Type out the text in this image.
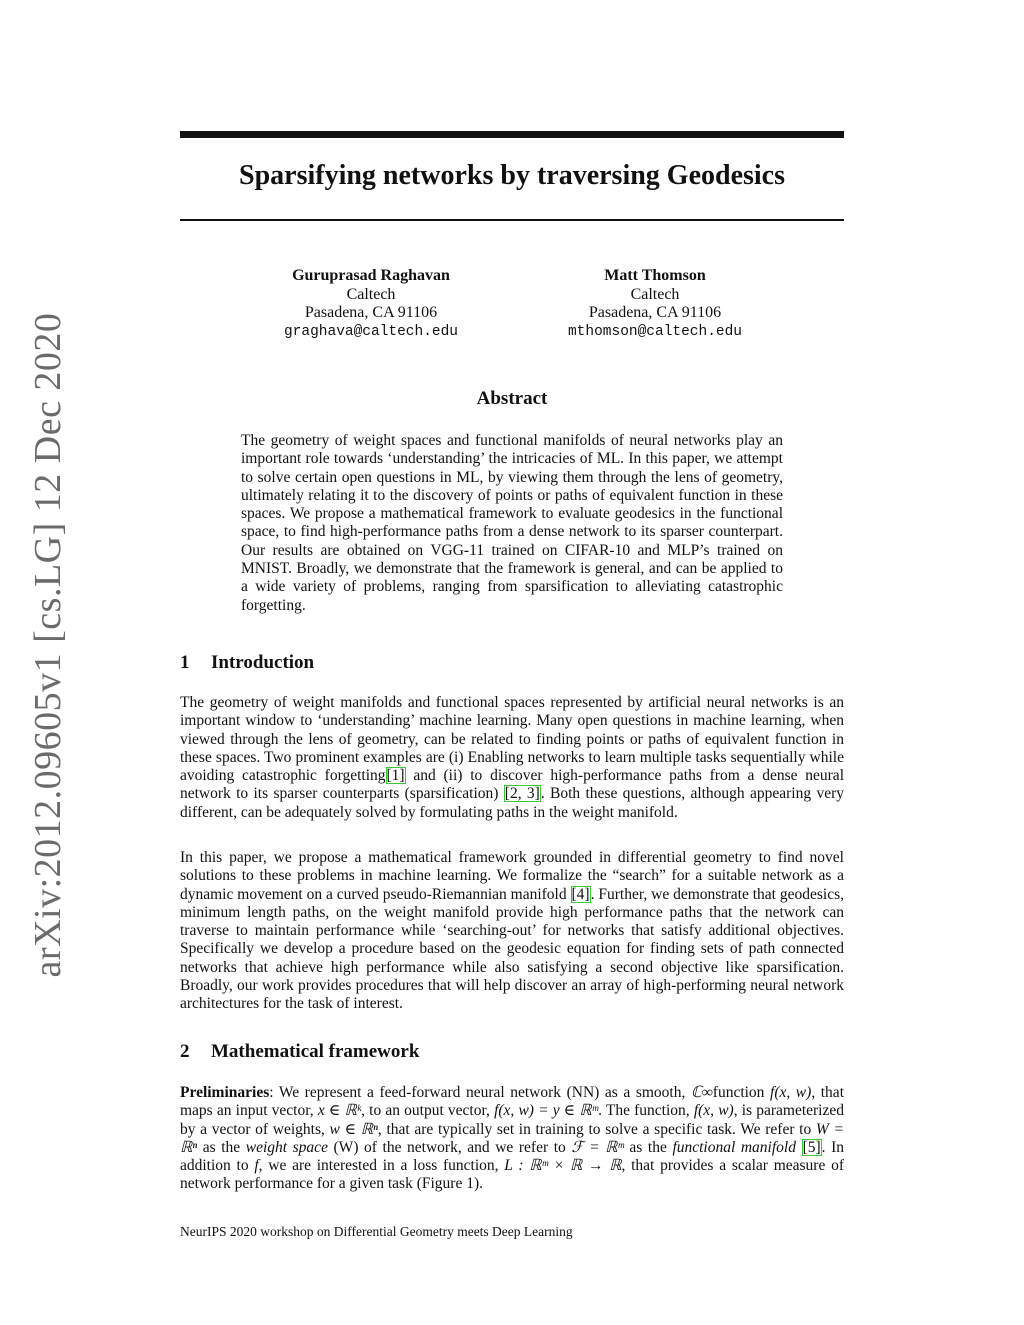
arXiv:2012.09605v1 [cs.LG] 12 Dec 2020
Sparsifying networks by traversing Geodesics
Guruprasad Raghavan
Caltech
Pasadena, CA 91106
graghava@caltech.edu
Matt Thomson
Caltech
Pasadena, CA 91106
mthomson@caltech.edu
Abstract

The geometry of weight spaces and functional manifolds of neural networks play an important role towards ‘understanding’ the intricacies of ML. In this paper, we attempt to solve certain open questions in ML, by viewing them through the lens of geometry, ultimately relating it to the discovery of points or paths of equivalent function in these spaces. We propose a mathematical framework to evaluate geodesics in the functional space, to find high-performance paths from a dense network to its sparser counterpart. Our results are obtained on VGG-11 trained on CIFAR-10 and MLP’s trained on MNIST. Broadly, we demonstrate that the framework is general, and can be applied to a wide variety of problems, ranging from sparsification to alleviating catastrophic forgetting.

1 Introduction

The geometry of weight manifolds and functional spaces represented by artificial neural networks is an important window to ‘understanding’ machine learning. Many open questions in machine learning, when viewed through the lens of geometry, can be related to finding points or paths of equivalent function in these spaces. Two prominent examples are (i) Enabling networks to learn multiple tasks sequentially while avoiding catastrophic forgetting[1] and (ii) to discover high-performance paths from a dense neural network to its sparser counterparts (sparsification) [2, 3]. Both these questions, although appearing very different, can be adequately solved by formulating paths in the weight manifold.

In this paper, we propose a mathematical framework grounded in differential geometry to find novel solutions to these problems in machine learning. We formalize the “search” for a suitable network as a dynamic movement on a curved pseudo-Riemannian manifold [4]. Further, we demonstrate that geodesics, minimum length paths, on the weight manifold provide high performance paths that the network can traverse to maintain performance while ‘searching-out’ for networks that satisfy additional objectives. Specifically we develop a procedure based on the geodesic equation for finding sets of path connected networks that achieve high performance while also satisfying a second objective like sparsification. Broadly, our work provides procedures that will help discover an array of high-performing neural network architectures for the task of interest.

2 Mathematical framework

Preliminaries: We represent a feed-forward neural network (NN) as a smooth, ℂ∞function f(x, w), that maps an input vector, x ∈ ℝᵏ, to an output vector, f(x, w) = y ∈ ℝᵐ. The function, f(x, w), is parameterized by a vector of weights, w ∈ ℝⁿ, that are typically set in training to solve a specific task. We refer to W = ℝⁿ as the weight space (W) of the network, and we refer to ℱ = ℝᵐ as the functional manifold [5]. In addition to f, we are interested in a loss function, L : ℝᵐ × ℝ → ℝ, that provides a scalar measure of network performance for a given task (Figure 1).

NeurIPS 2020 workshop on Differential Geometry meets Deep Learning
